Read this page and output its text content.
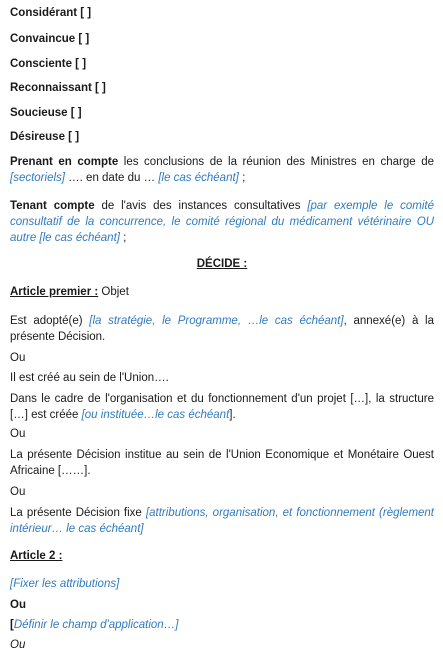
Considérant [ ]
Convaincue [ ]
Consciente [ ]
Reconnaissant [ ]
Soucieuse [ ]
Désireuse [ ]
Prenant en compte les conclusions de la réunion des Ministres en charge de [sectoriels] …. en date du … [le cas échéant] ;
Tenant compte de l'avis des instances consultatives [par exemple le comité consultatif de la concurrence, le comité régional du médicament vétérinaire OU autre [le cas échéant] ;
DÉCIDE :
Article premier : Objet
Est adopté(e) [la stratégie, le Programme, …le cas échéant], annexé(e) à la présente Décision.
Ou
Il est créé au sein de l'Union….
Dans le cadre de l'organisation et du fonctionnement d'un projet […], la structure […] est créée [ou instituée…le cas échéant].
Ou
La présente Décision institue au sein de l'Union Economique et Monétaire Ouest Africaine [……].
Ou
La présente Décision fixe [attributions, organisation, et fonctionnement (règlement intérieur… le cas échéant]
Article 2 :
[Fixer les attributions]
Ou
[Définir le champ d'application…]
Ou
